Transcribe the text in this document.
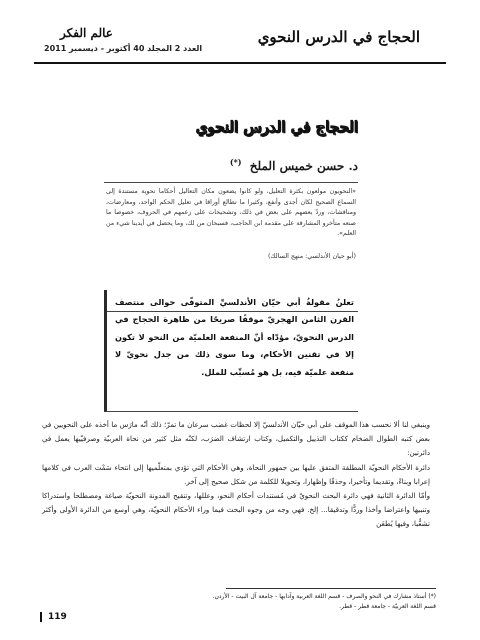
الحجاج في الدرس النحوي
عالم الفكر
العدد 2 المجلد 40 أكتوبر - ديسمبر 2011
الحجاج في الدرس النحوي
د. حسن خميس الملخ (*)

«النحويون مولعون بكثرة التعليل، ولو كانوا يضعون مكان التعاليل أحكاما نحوية مستندة إلى السماع الصحيح لكان أجدى وأنفع، وكثيرا ما تطالع أوراقا في تعليل الحكم الواحد، ومعارضات، ومناقشات، وردّ بعضهم على بعض في ذلك، وتشحيحات على زعمهم في الحروف، خصوصا ما صنعه متأخرو المشارقة على مقدمة ابن الحاجب، فسبحان من لك، وما يحصل في أيدينا شيء من العلم».

(أبو حيان الأندلسي: منهج السالك)

تعلنُ مقولةُ أبي حيّان الأندلسيِّ المتوفّى حوالى منتصف القرن الثامن الهجريّ موقفًا صريحًا من ظاهرة الحجاج في الدرس النحويّ، مؤدّاه أنّ المنفعة العلميّة من النحو لا تكون إلا في تقنين الأحكام، وما سوى ذلك من جدل نحويّ لا منفعة علميّة فيه، بل هو مُسبِّب للملل.

وينبغي لنا ألا نحسب هذا الموقف على أبي حيّان الأندلسيّ إلا لحظات غضب سرعان ما تمرّ؛ ذلك أنّه مارَس ما أخذه على النحويين في بعض كتبه الطوال الضخام ككتاب التذييل والتكميل، وكتاب ارتشاف الضرَب، لكنّه مثل كثير من نحاة العربيّة وصرفيّيها يعمل في دائرتين:

دائرة الأحكام النحويّة المطلقة المتفق عليها بين جمهور النحاة، وهي الأحكام التي تؤدي بمتعلّميها إلى انتحاء سَمْت العرب في كلامها إعرابا وبناءً، وتقديما وتأخيرا، وحذفًا وإظهارا، وتحويلا للكلمة من شكل صحيح إلى آخر.

وأمّا الدائرة الثانية فهي دائرة البحث النحويّ في مُستندات أحكام النحو، وعللها، وتنقيح المدونة النحويّة صياغة ومصطلحا واستدراكا وتنبيها واعتراضا وأخذا وردًّا وتدقيقا... إلخ. فهي وجه من وجوه البحث فيما وراء الأحكام النحويّة، وهي أوسع من الدائرة الأولى وأكثر تشعُّبا، وفيها يُطعَن

(*) أستاذ مشارك في النحو والصرف - قسم اللغة العربية وآدابها - جامعة آل البيت - الأردن.

قسم اللغة العربيّة - جامعة قطر - قطر.

119
